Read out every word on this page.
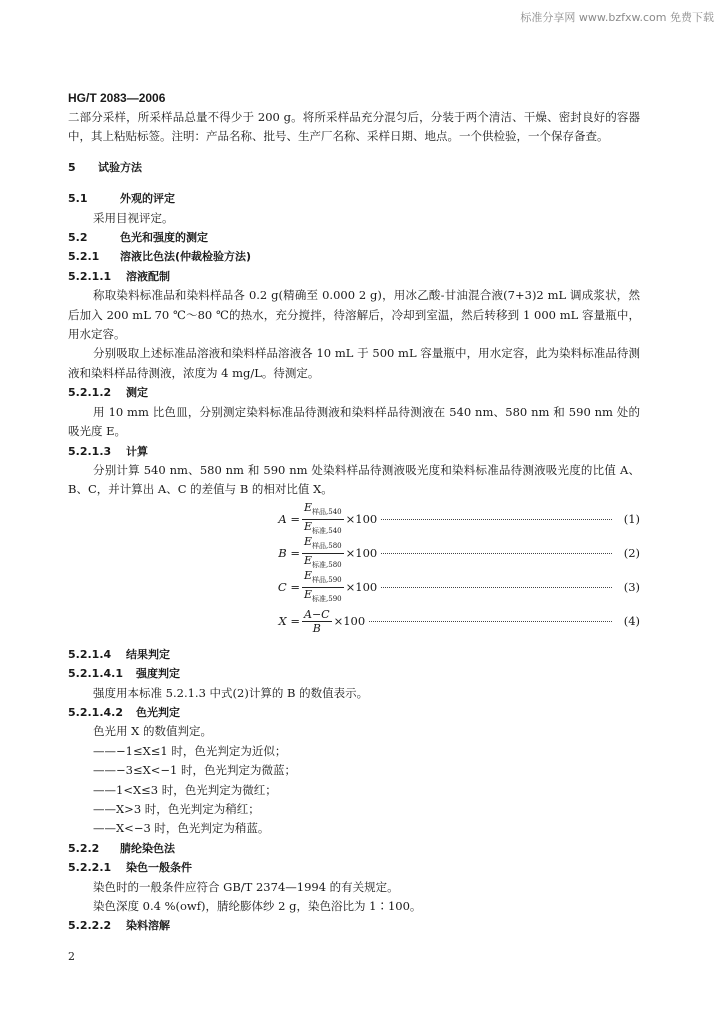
标准分享网 www.bzfxw.com 免费下载
HG/T 2083—2006

二部分采样，所采样品总量不得少于 200 g。将所采样品充分混匀后，分装于两个清洁、干燥、密封良好的容器中，其上粘贴标签。注明：产品名称、批号、生产厂名称、采样日期、地点。一个供检验，一个保存备查。

5 试验方法

5.1	外观的评定

采用目视评定。

5.2	色光和强度的测定

5.2.1 溶液比色法(仲裁检验方法)

5.2.1.1 溶液配制

称取染料标准品和染料样品各 0.2 g(精确至 0.000 2 g)，用冰乙酸-甘油混合液(7+3)2 mL 调成浆状，然后加入 200 mL 70 ℃～80 ℃的热水，充分搅拌，待溶解后，冷却到室温，然后转移到 1 000 mL 容量瓶中，用水定容。

分别吸取上述标准品溶液和染料样品溶液各 10 mL 于 500 mL 容量瓶中，用水定容，此为染料标准品待测液和染料样品待测液，浓度为 4 mg/L。待测定。

5.2.1.2 测定

用 10 mm 比色皿，分别测定染料标准品待测液和染料样品待测液在 540 nm、580 nm 和 590 nm 处的吸光度 E。

5.2.1.3 计算

分别计算 540 nm、580 nm 和 590 nm 处染料样品待测液吸光度和染料标准品待测液吸光度的比值 A、B、C，并计算出 A、C 的差值与 B 的相对比值 X。

$A = \frac{E_{样品,540}}{E_{标准,540}} \times 100$	(1)
$B = \frac{E_{样品,580}}{E_{标准,580}} \times 100$	(2)
$C = \frac{E_{样品,590}}{E_{标准,590}} \times 100$	(3)
$X = \frac{A-C}{B} \times 100$	(4)

5.2.1.4 结果判定

5.2.1.4.1 强度判定

强度用本标准 5.2.1.3 中式(2)计算的 B 的数值表示。

5.2.1.4.2 色光判定

色光用 X 的数值判定。

——−1≤X≤1 时，色光判定为近似；

——−3≤X<−1 时，色光判定为微蓝；

——1<X≤3 时，色光判定为微红；

——X>3 时，色光判定为稍红；

——X<−3 时，色光判定为稍蓝。

5.2.2 腈纶染色法

5.2.2.1 染色一般条件

染色时的一般条件应符合 GB/T 2374—1994 的有关规定。

染色深度 0.4 %(owf)，腈纶膨体纱 2 g，染色浴比为 1∶100。

5.2.2.2 染料溶解

2
